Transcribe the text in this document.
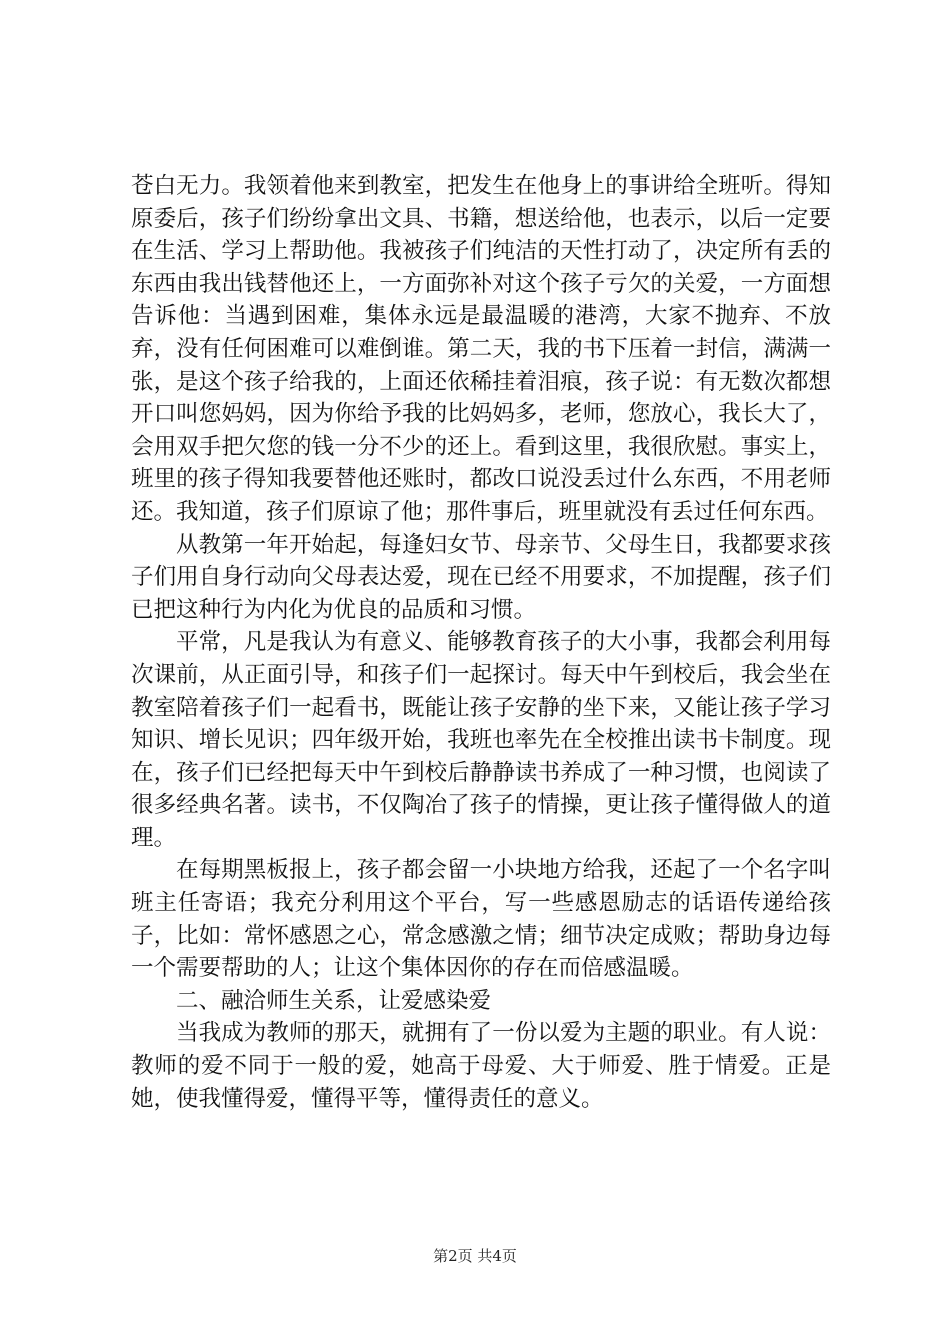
苍白无力。我领着他来到教室，把发生在他身上的事讲给全班听。得知原委后，孩子们纷纷拿出文具、书籍，想送给他，也表示，以后一定要在生活、学习上帮助他。我被孩子们纯洁的天性打动了，决定所有丢的东西由我出钱替他还上，一方面弥补对这个孩子亏欠的关爱，一方面想告诉他：当遇到困难，集体永远是最温暖的港湾，大家不抛弃、不放弃，没有任何困难可以难倒谁。第二天，我的书下压着一封信，满满一张，是这个孩子给我的，上面还依稀挂着泪痕，孩子说：有无数次都想开口叫您妈妈，因为你给予我的比妈妈多，老师，您放心，我长大了，会用双手把欠您的钱一分不少的还上。看到这里，我很欣慰。事实上，班里的孩子得知我要替他还账时，都改口说没丢过什么东西，不用老师还。我知道，孩子们原谅了他；那件事后，班里就没有丢过任何东西。

从教第一年开始起，每逢妇女节、母亲节、父母生日，我都要求孩子们用自身行动向父母表达爱，现在已经不用要求，不加提醒，孩子们已把这种行为内化为优良的品质和习惯。

平常，凡是我认为有意义、能够教育孩子的大小事，我都会利用每次课前，从正面引导，和孩子们一起探讨。每天中午到校后，我会坐在教室陪着孩子们一起看书，既能让孩子安静的坐下来，又能让孩子学习知识、增长见识；四年级开始，我班也率先在全校推出读书卡制度。现在，孩子们已经把每天中午到校后静静读书养成了一种习惯，也阅读了很多经典名著。读书，不仅陶冶了孩子的情操，更让孩子懂得做人的道理。

在每期黑板报上，孩子都会留一小块地方给我，还起了一个名字叫班主任寄语；我充分利用这个平台，写一些感恩励志的话语传递给孩子，比如：常怀感恩之心，常念感激之情；细节决定成败；帮助身边每一个需要帮助的人；让这个集体因你的存在而倍感温暖。

二、融洽师生关系，让爱感染爱

当我成为教师的那天，就拥有了一份以爱为主题的职业。有人说：教师的爱不同于一般的爱，她高于母爱、大于师爱、胜于情爱。正是她，使我懂得爱，懂得平等，懂得责任的意义。

第2页 共4页
